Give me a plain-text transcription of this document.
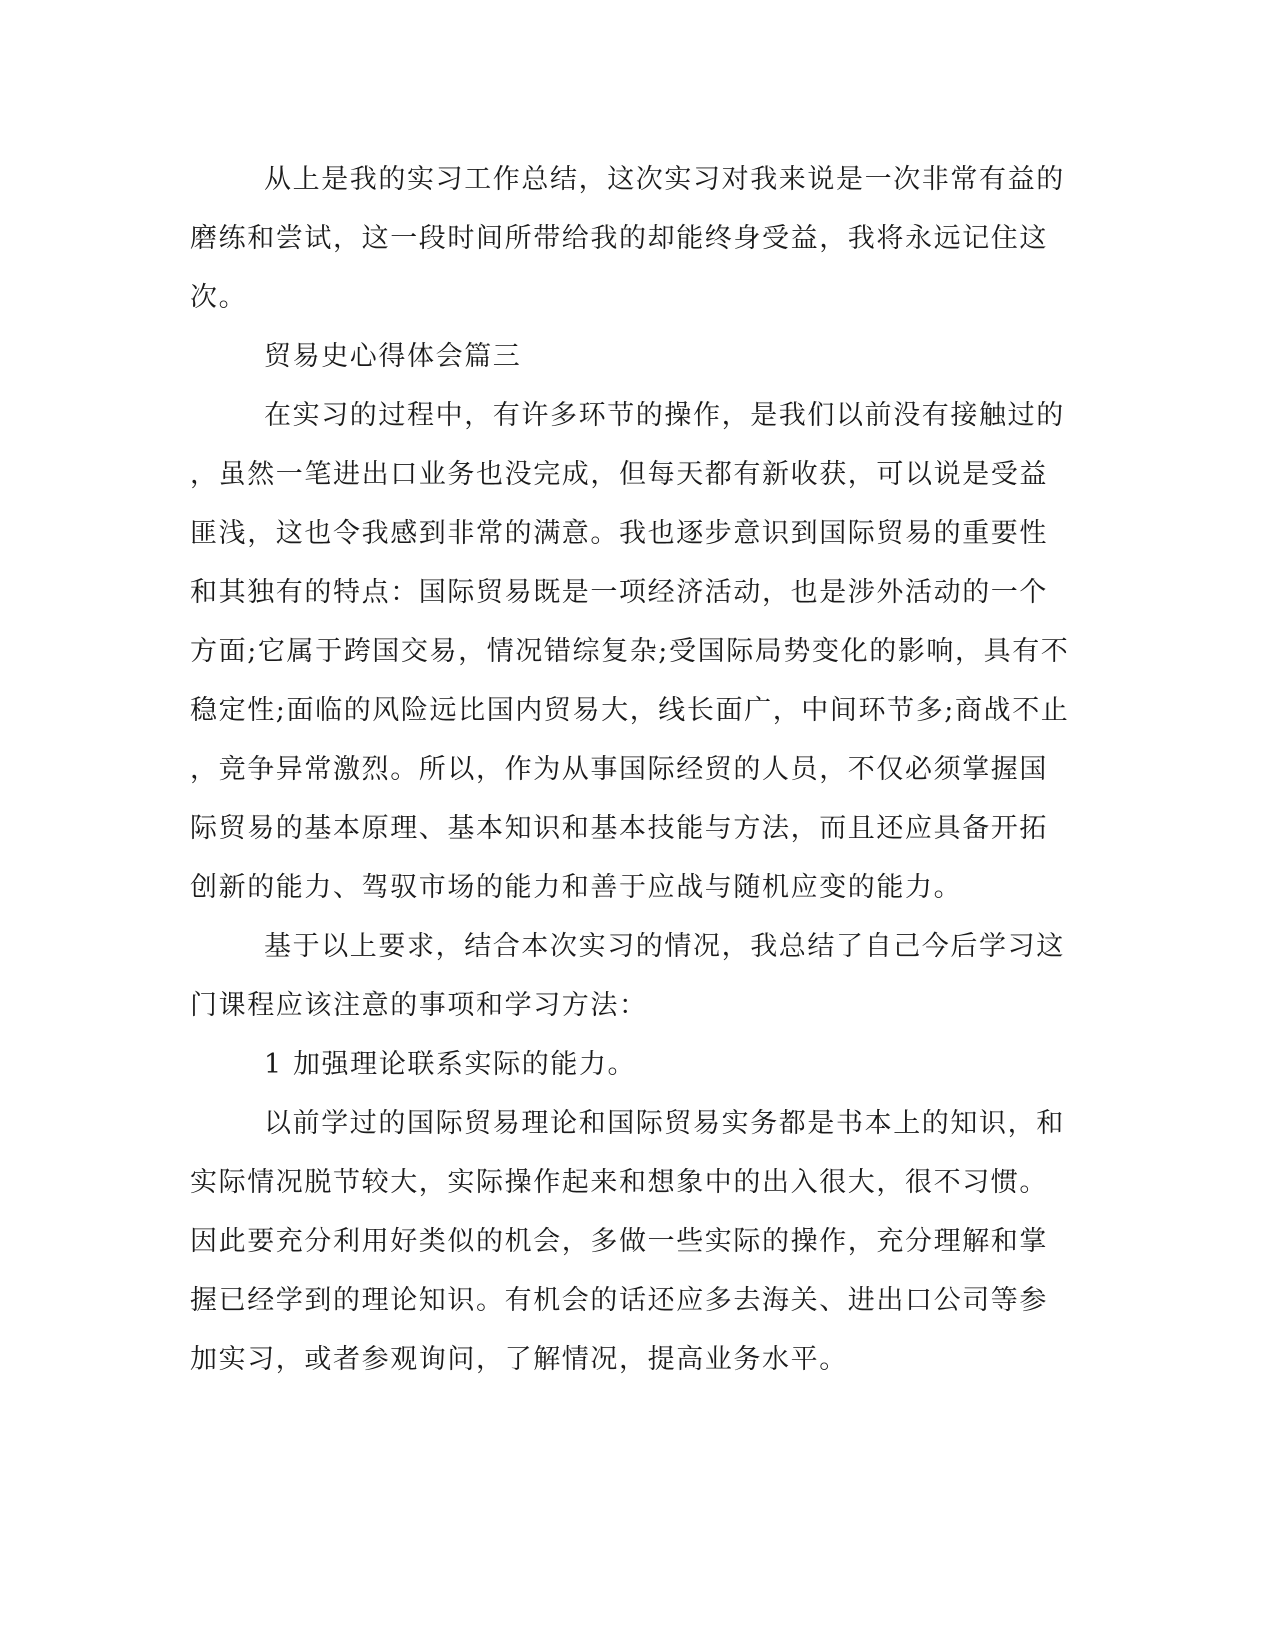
从上是我的实习工作总结，这次实习对我来说是一次非常有益的
磨练和尝试，这一段时间所带给我的却能终身受益，我将永远记住这
次。
贸易史心得体会篇三
在实习的过程中，有许多环节的操作，是我们以前没有接触过的
，虽然一笔进出口业务也没完成，但每天都有新收获，可以说是受益
匪浅，这也令我感到非常的满意。我也逐步意识到国际贸易的重要性
和其独有的特点：国际贸易既是一项经济活动，也是涉外活动的一个
方面;它属于跨国交易，情况错综复杂;受国际局势变化的影响，具有不
稳定性;面临的风险远比国内贸易大，线长面广，中间环节多;商战不止
，竞争异常激烈。所以，作为从事国际经贸的人员，不仅必须掌握国
际贸易的基本原理、基本知识和基本技能与方法，而且还应具备开拓
创新的能力、驾驭市场的能力和善于应战与随机应变的能力。
基于以上要求，结合本次实习的情况，我总结了自己今后学习这
门课程应该注意的事项和学习方法：
1 加强理论联系实际的能力。
以前学过的国际贸易理论和国际贸易实务都是书本上的知识，和
实际情况脱节较大，实际操作起来和想象中的出入很大，很不习惯。
因此要充分利用好类似的机会，多做一些实际的操作，充分理解和掌
握已经学到的理论知识。有机会的话还应多去海关、进出口公司等参
加实习，或者参观询问，了解情况，提高业务水平。
